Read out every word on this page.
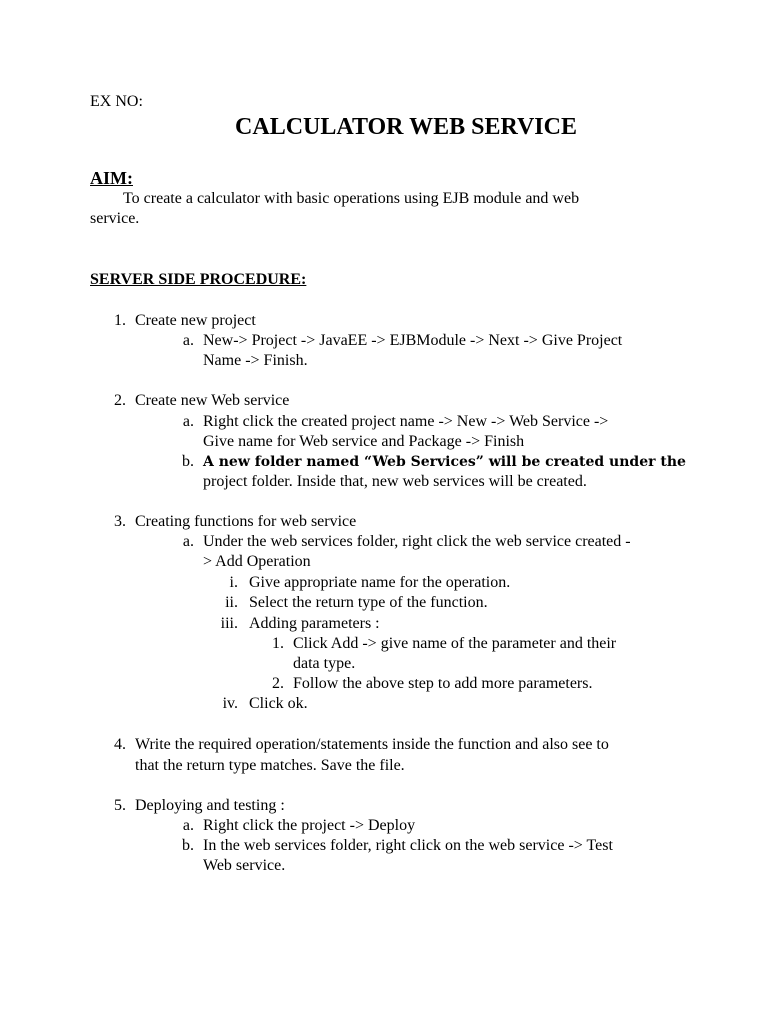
EX NO:
CALCULATOR WEB SERVICE
AIM:
To create a calculator with basic operations using EJB module and web
service.
SERVER SIDE PROCEDURE:
1. Create new project
a. New-> Project -> JavaEE -> EJBModule -> Next -> Give Project
Name -> Finish.
2. Create new Web service
a. Right click the created project name -> New -> Web Service ->
Give name for Web service and Package -> Finish
b. A new folder named “Web Services” will be created under the
project folder. Inside that, new web services will be created.
3. Creating functions for web service
a. Under the web services folder, right click the web service created -
> Add Operation
i. Give appropriate name for the operation.
ii. Select the return type of the function.
iii. Adding parameters :
1. Click Add -> give name of the parameter and their
data type.
2. Follow the above step to add more parameters.
iv. Click ok.
4. Write the required operation/statements inside the function and also see to
that the return type matches. Save the file.
5. Deploying and testing :
a. Right click the project -> Deploy
b. In the web services folder, right click on the web service -> Test
Web service.
